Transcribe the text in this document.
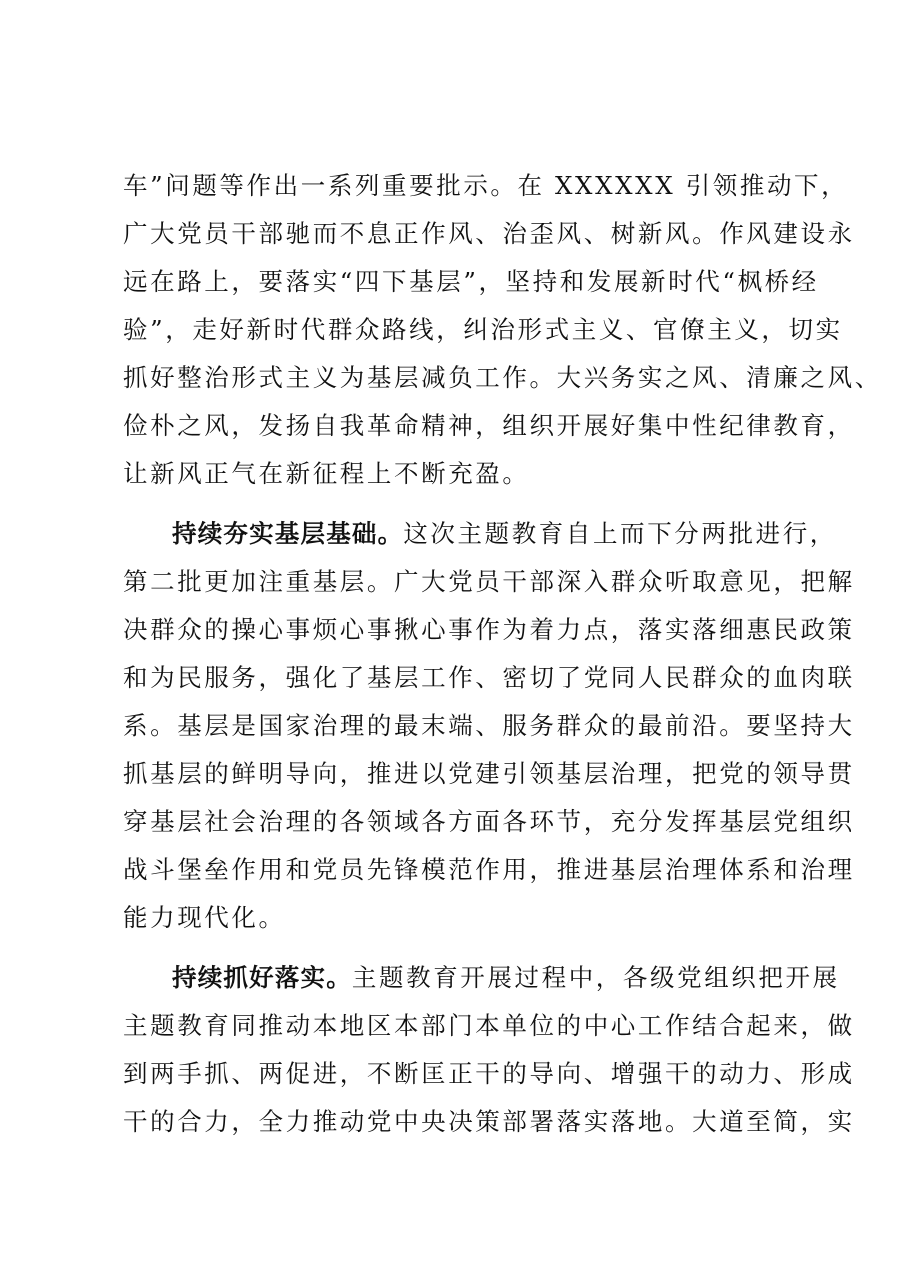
车”问题等作出一系列重要批示。在 XXXXXX 引领推动下，
广大党员干部驰而不息正作风、治歪风、树新风。作风建设永
远在路上，要落实“四下基层”，坚持和发展新时代“枫桥经
验”，走好新时代群众路线，纠治形式主义、官僚主义，切实
抓好整治形式主义为基层减负工作。大兴务实之风、清廉之风、
俭朴之风，发扬自我革命精神，组织开展好集中性纪律教育，
让新风正气在新征程上不断充盈。
持续夯实基层基础。这次主题教育自上而下分两批进行，
第二批更加注重基层。广大党员干部深入群众听取意见，把解
决群众的操心事烦心事揪心事作为着力点，落实落细惠民政策
和为民服务，强化了基层工作、密切了党同人民群众的血肉联
系。基层是国家治理的最末端、服务群众的最前沿。要坚持大
抓基层的鲜明导向，推进以党建引领基层治理，把党的领导贯
穿基层社会治理的各领域各方面各环节，充分发挥基层党组织
战斗堡垒作用和党员先锋模范作用，推进基层治理体系和治理
能力现代化。
持续抓好落实。主题教育开展过程中，各级党组织把开展
主题教育同推动本地区本部门本单位的中心工作结合起来，做
到两手抓、两促进，不断匡正干的导向、增强干的动力、形成
干的合力，全力推动党中央决策部署落实落地。大道至简，实
